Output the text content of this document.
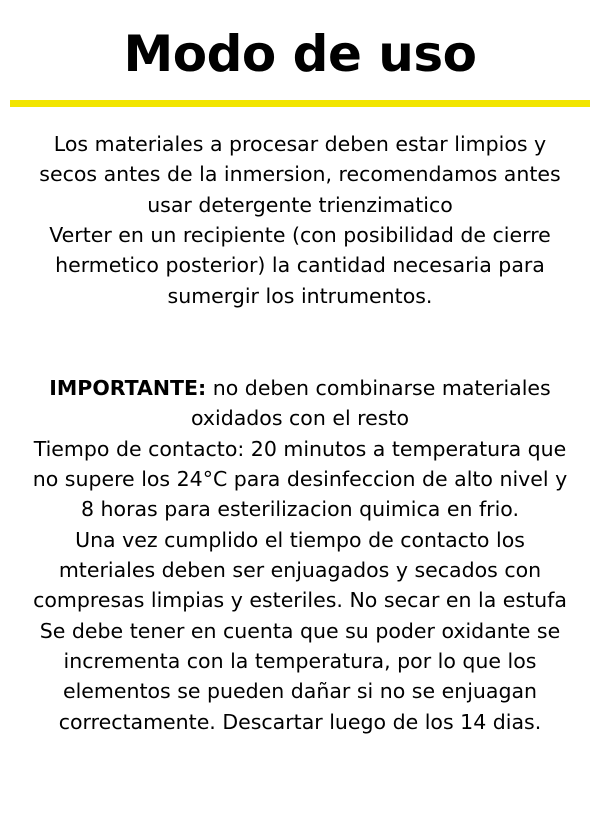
Modo de uso

Los materiales a procesar deben estar limpios y secos antes de la inmersion, recomendamos antes usar detergente trienzimatico

Verter en un recipiente (con posibilidad de cierre hermetico posterior) la cantidad necesaria para sumergir los intrumentos.

IMPORTANTE: no deben combinarse materiales oxidados con el resto

Tiempo de contacto: 20 minutos a temperatura que no supere los 24°C para desinfeccion de alto nivel y 8 horas para esterilizacion quimica en frio.

Una vez cumplido el tiempo de contacto los mteriales deben ser enjuagados y secados con compresas limpias y esteriles. No secar en la estufa

Se debe tener en cuenta que su poder oxidante se incrementa con la temperatura, por lo que los elementos se pueden dañar si no se enjuagan correctamente. Descartar luego de los 14 dias.
